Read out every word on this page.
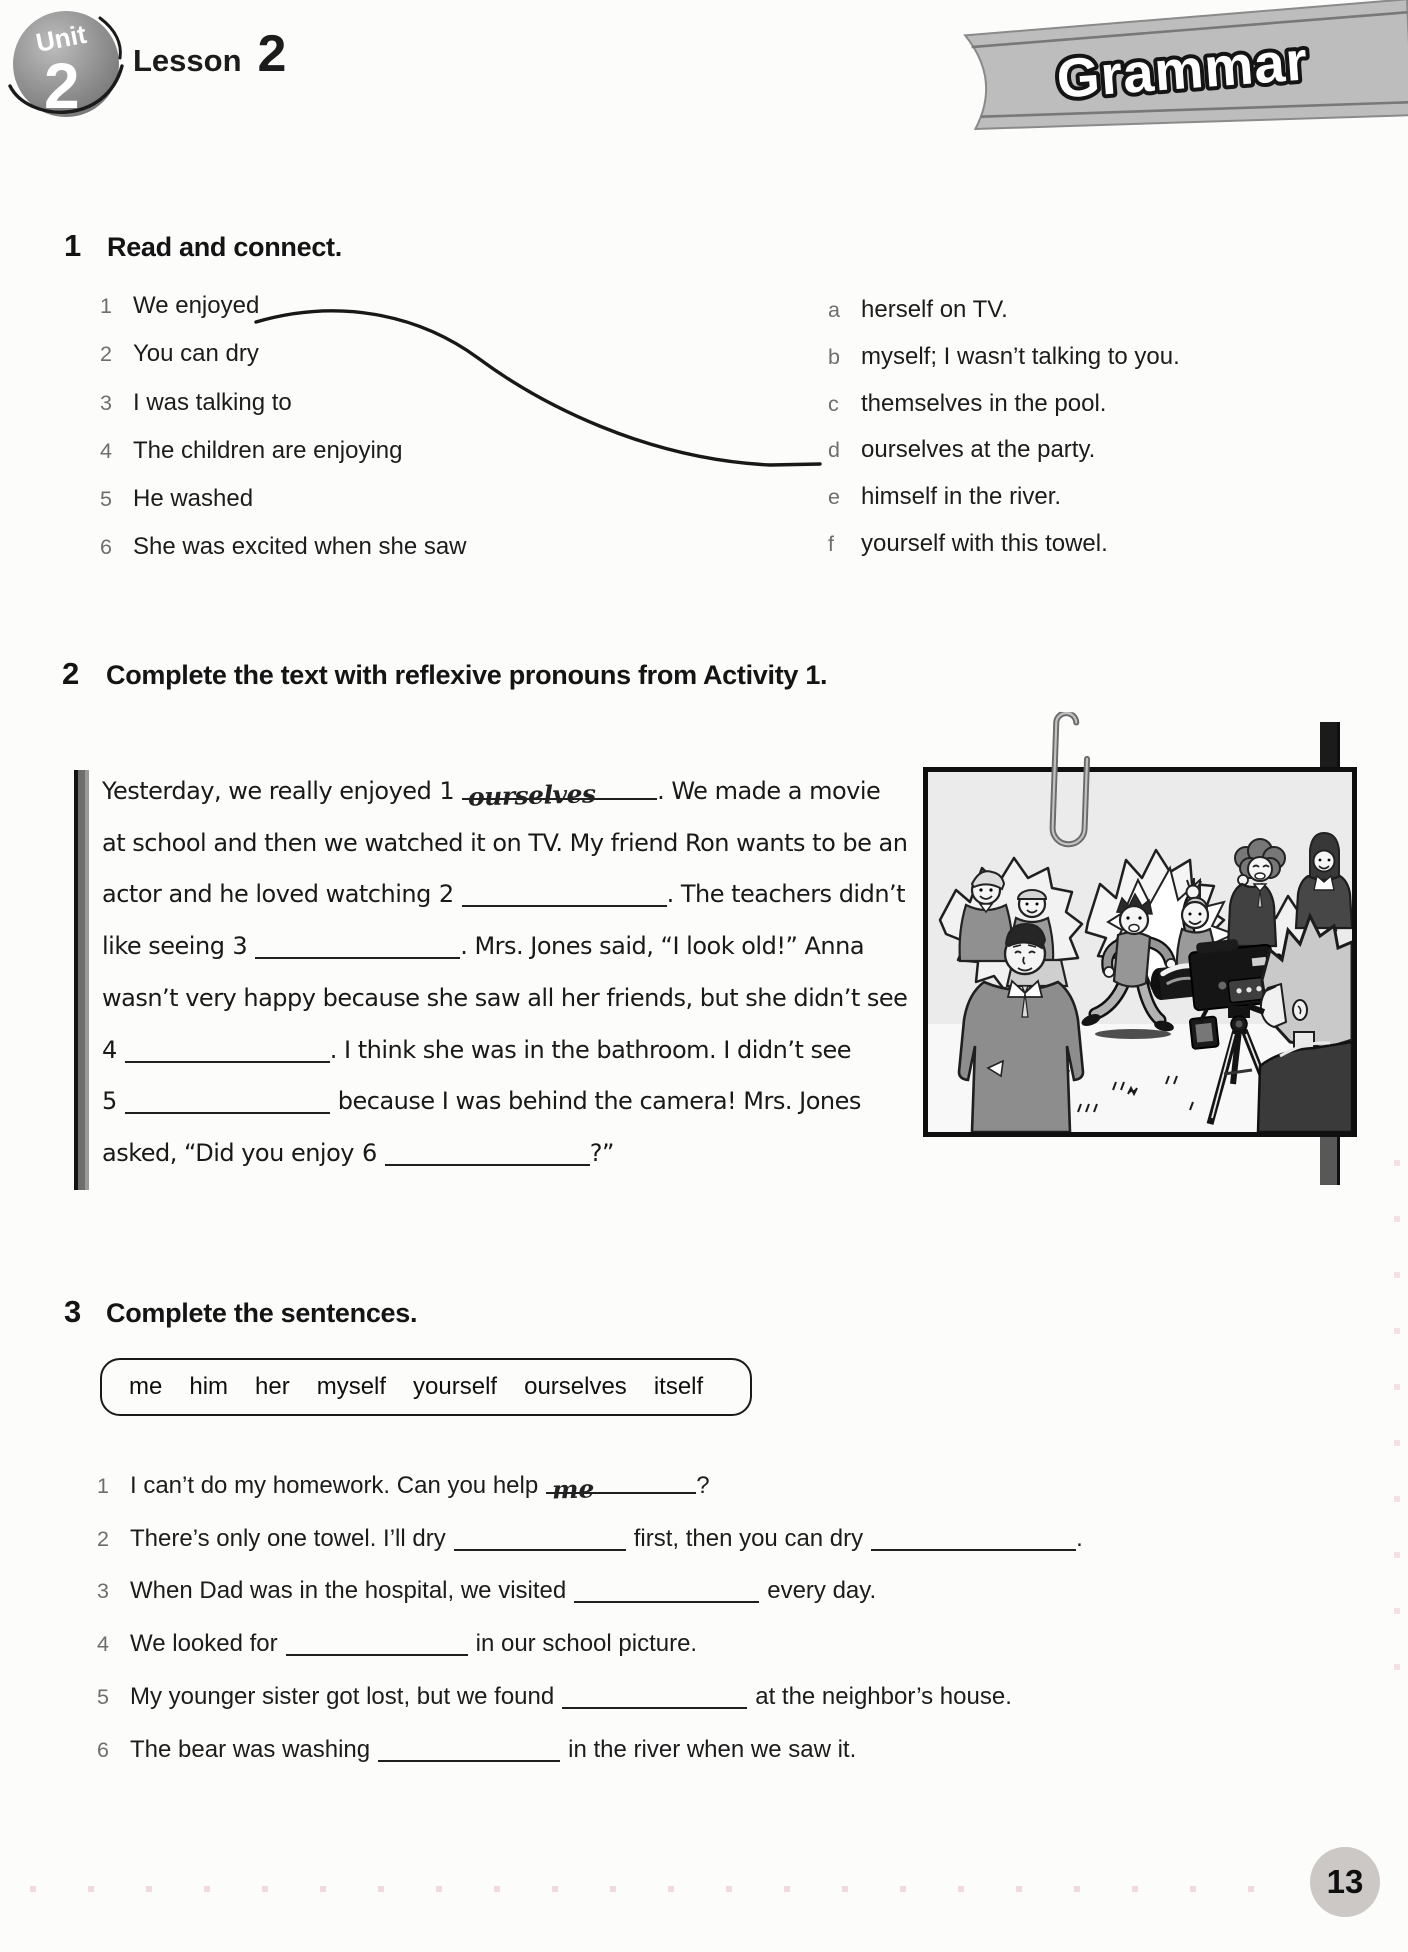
Unit
2 Lesson 2	Grammar
1 Read and connect.
1 We enjoyed
2 You can dry
3 I was talking to
4 The children are enjoying
5 He washed
6 She was excited when she saw
a herself on TV.
b myself; I wasn’t talking to you.
c themselves in the pool.
d ourselves at the party.
e himself in the river.
f	yourself with this towel.
2 Complete the text with reflexive pronouns from Activity 1.
Yesterday, we really enjoyed 1 ourselves	. We made a movie
at school and then we watched it on TV. My friend Ron wants to be an
actor and he loved watching 2	. The teachers didn’t
like seeing 3	. Mrs. Jones said, “I look old!” Anna
wasn’t very happy because she saw all her friends, but she didn’t see
4	. I think she was in the bathroom. I didn’t see
5	because I was behind the camera! Mrs. Jones
asked, “Did you enjoy 6	?”
3 Complete the sentences.
me him her myself yourself ourselves itself
1 I can’t do my homework. Can you help me	?
2 There’s only one towel. I’ll dry	first, then you can dry	.
3 When Dad was in the hospital, we visited	every day.
4 We looked for	in our school picture.
5 My younger sister got lost, but we found	at the neighbor’s house.
6 The bear was washing	in the river when we saw it.
13
